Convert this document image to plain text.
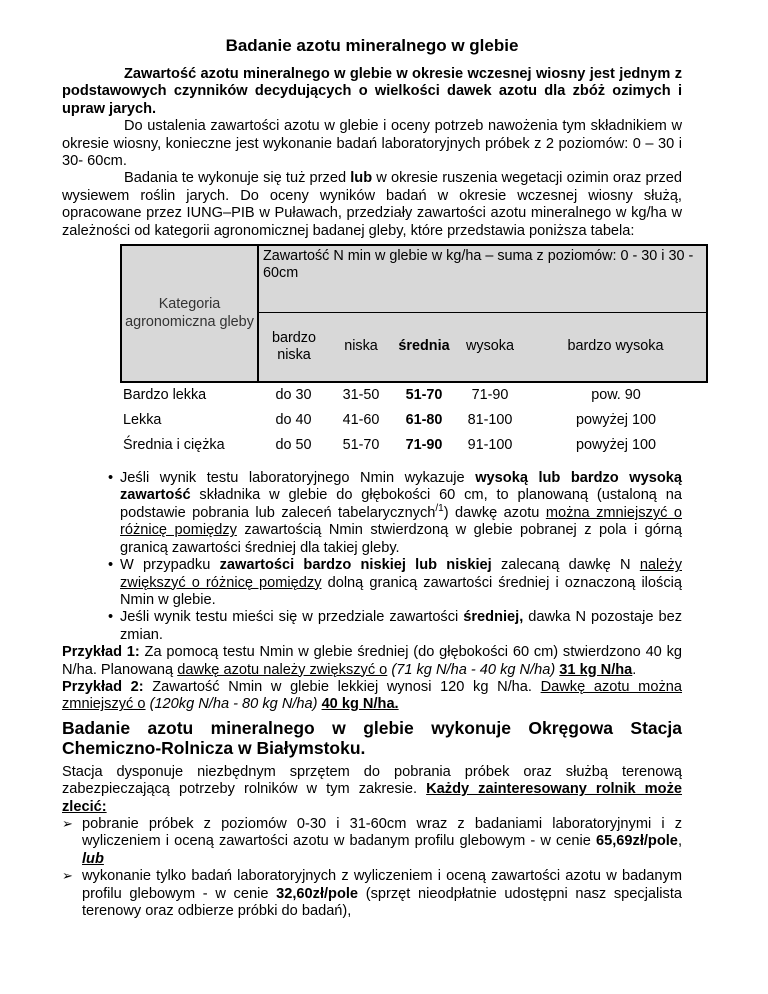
Badanie azotu mineralnego w glebie

Zawartość azotu mineralnego w glebie w okresie wczesnej wiosny jest jednym z podstawowych czynników decydujących o wielkości dawek azotu dla zbóż ozimych i upraw jarych.

Do ustalenia zawartości azotu w glebie i oceny potrzeb nawożenia tym składnikiem w okresie wiosny, konieczne jest wykonanie badań laboratoryjnych próbek z 2 poziomów: 0 – 30 i 30- 60cm.

Badania te wykonuje się tuż przed lub w okresie ruszenia wegetacji ozimin oraz przed wysiewem roślin jarych. Do oceny wyników badań w okresie wczesnej wiosny służą, opracowane przez IUNG–PIB w Puławach, przedziały zawartości azotu mineralnego w kg/ha w zależności od kategorii agronomicznej badanej gleby, które przedstawia poniższa tabela:

Kategoria agronomiczna gleby	Zawartość N min w glebie w kg/ha – suma z poziomów: 0 - 30 i 30 - 60cm				
	bardzo niska	niska	średnia	wysoka	bardzo wysoka
Bardzo lekka	do 30	31-50	51-70	71-90	pow. 90
Lekka	do 40	41-60	61-80	81-100	powyżej 100
Średnia i ciężka	do 50	51-70	71-90	91-100	powyżej 100
• Jeśli wynik testu laboratoryjnego Nmin wykazuje wysoką lub bardzo wysoką zawartość składnika w glebie do głębokości 60 cm, to planowaną (ustaloną na podstawie pobrania lub zaleceń tabelarycznych$^{/1}$) dawkę azotu można zmniejszyć o różnicę pomiędzy zawartością Nmin stwierdzoną w glebie pobranej z pola i górną granicą zawartości średniej dla takiej gleby.
• W przypadku zawartości bardzo niskiej lub niskiej zalecaną dawkę N należy zwiększyć o różnicę pomiędzy dolną granicą zawartości średniej i oznaczoną ilością Nmin w glebie.
• Jeśli wynik testu mieści się w przedziale zawartości średniej, dawka N pozostaje bez zmian.

Przykład 1: Za pomocą testu Nmin w glebie średniej (do głębokości 60 cm) stwierdzono 40 kg N/ha. Planowaną dawkę azotu należy zwiększyć o (71 kg N/ha - 40 kg N/ha) 31 kg N/ha.

Przykład 2: Zawartość Nmin w glebie lekkiej wynosi 120 kg N/ha. Dawkę azotu można zmniejszyć o (120kg N/ha - 80 kg N/ha) 40 kg N/ha.

Badanie azotu mineralnego w glebie wykonuje Okręgowa Stacja Chemiczno-Rolnicza w Białymstoku.

Stacja dysponuje niezbędnym sprzętem do pobrania próbek oraz służbą terenową zabezpieczającą potrzeby rolników w tym zakresie. Każdy zainteresowany rolnik może zlecić:

➢ pobranie próbek z poziomów 0-30 i 31-60cm wraz z badaniami laboratoryjnymi i z wyliczeniem i oceną zawartości azotu w badanym profilu glebowym - w cenie 65,69zł/pole, lub
➢ wykonanie tylko badań laboratoryjnych z wyliczeniem i oceną zawartości azotu w badanym profilu glebowym - w cenie 32,60zł/pole (sprzęt nieodpłatnie udostępni nasz specjalista terenowy oraz odbierze próbki do badań),
